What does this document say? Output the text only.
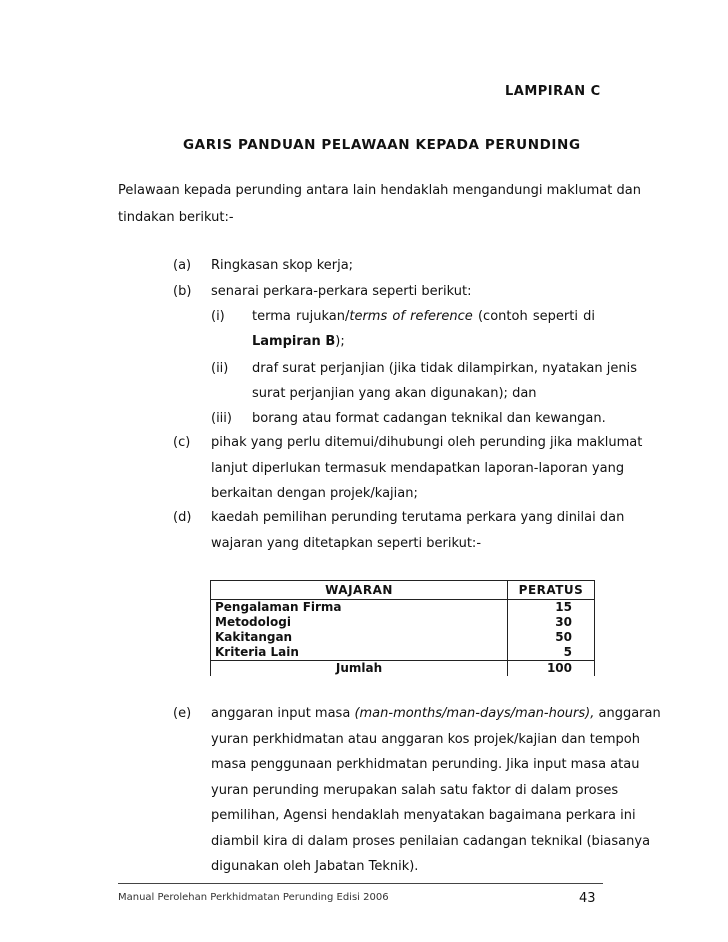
LAMPIRAN C
GARIS PANDUAN PELAWAAN KEPADA PERUNDING
Pelawaan kepada perunding antara lain hendaklah mengandungi maklumat dan
tindakan berikut:-
(a) Ringkasan skop kerja;
(b) senarai perkara-perkara seperti berikut:
(i) terma rujukan/terms of reference (contoh seperti di
Lampiran B);
(ii) draf surat perjanjian (jika tidak dilampirkan, nyatakan jenis
surat perjanjian yang akan digunakan); dan
(iii) borang atau format cadangan teknikal dan kewangan.
(c) pihak yang perlu ditemui/dihubungi oleh perunding jika maklumat
lanjut diperlukan termasuk mendapatkan laporan-laporan yang
berkaitan dengan projek/kajian;
(d) kaedah pemilihan perunding terutama perkara yang dinilai dan
wajaran yang ditetapkan seperti berikut:-
WAJARAN	PERATUS
Pengalaman Firma	15
Metodologi	30
Kakitangan	50
Kriteria Lain	5
Jumlah	100
(e) anggaran input masa (man-months/man-days/man-hours), anggaran
yuran perkhidmatan atau anggaran kos projek/kajian dan tempoh
masa penggunaan perkhidmatan perunding. Jika input masa atau
yuran perunding merupakan salah satu faktor di dalam proses
pemilihan, Agensi hendaklah menyatakan bagaimana perkara ini
diambil kira di dalam proses penilaian cadangan teknikal (biasanya
digunakan oleh Jabatan Teknik).
Manual Perolehan Perkhidmatan Perunding Edisi 2006	43
